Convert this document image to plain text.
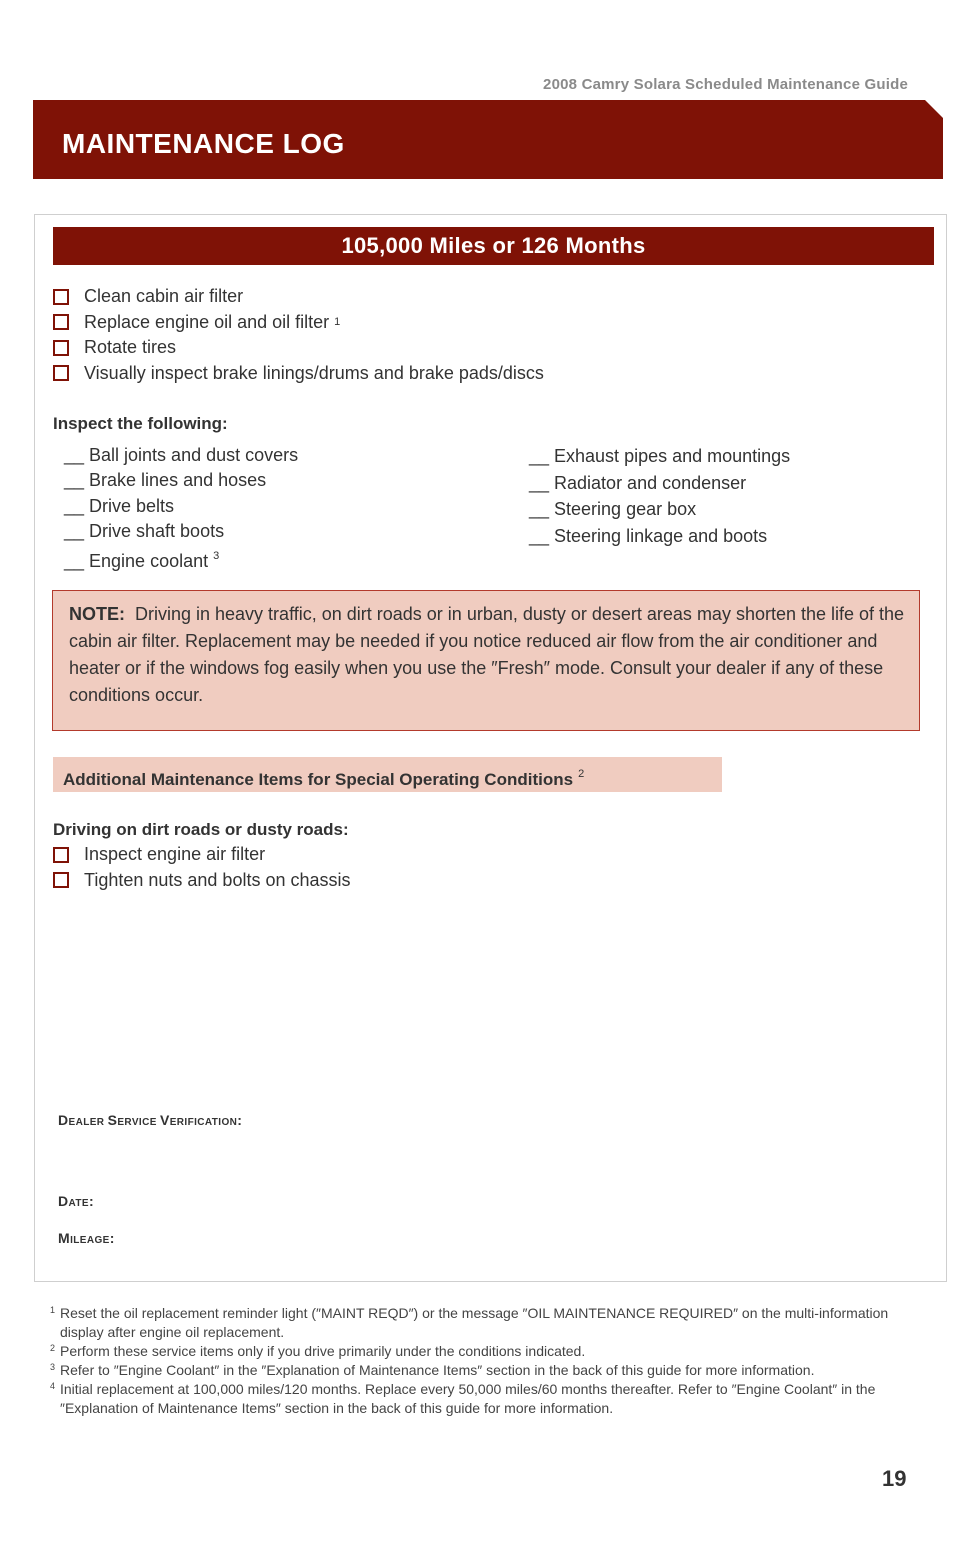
2008 Camry Solara Scheduled Maintenance Guide
MAINTENANCE LOG
105,000 Miles or 126 Months
Clean cabin air filter
Replace engine oil and oil filter 1
Rotate tires
Visually inspect brake linings/drums and brake pads/discs
Inspect the following:
__ Ball joints and dust covers
__ Brake lines and hoses
__ Drive belts
__ Drive shaft boots
__ Engine coolant $^3$
__ Exhaust pipes and mountings
__ Radiator and condenser
__ Steering gear box
__ Steering linkage and boots
NOTE: Driving in heavy traffic, on dirt roads or in urban, dusty or desert areas may shorten the life of the cabin air filter. Replacement may be needed if you notice reduced air flow from the air conditioner and heater or if the windows fog easily when you use the ″Fresh″ mode. Consult your dealer if any of these conditions occur.
Additional Maintenance Items for Special Operating Conditions $^2$
Driving on dirt roads or dusty roads:
Inspect engine air filter
Tighten nuts and bolts on chassis
DEALER SERVICE VERIFICATION:
DATE:
MILEAGE:
1 Reset the oil replacement reminder light (″MAINT REQD″) or the message ″OIL MAINTENANCE REQUIRED″ on the multi-information display after engine oil replacement.
2 Perform these service items only if you drive primarily under the conditions indicated.
3 Refer to ″Engine Coolant″ in the ″Explanation of Maintenance Items″ section in the back of this guide for more information.
4 Initial replacement at 100,000 miles/120 months. Replace every 50,000 miles/60 months thereafter. Refer to ″Engine Coolant″ in the ″Explanation of Maintenance Items″ section in the back of this guide for more information.
19
